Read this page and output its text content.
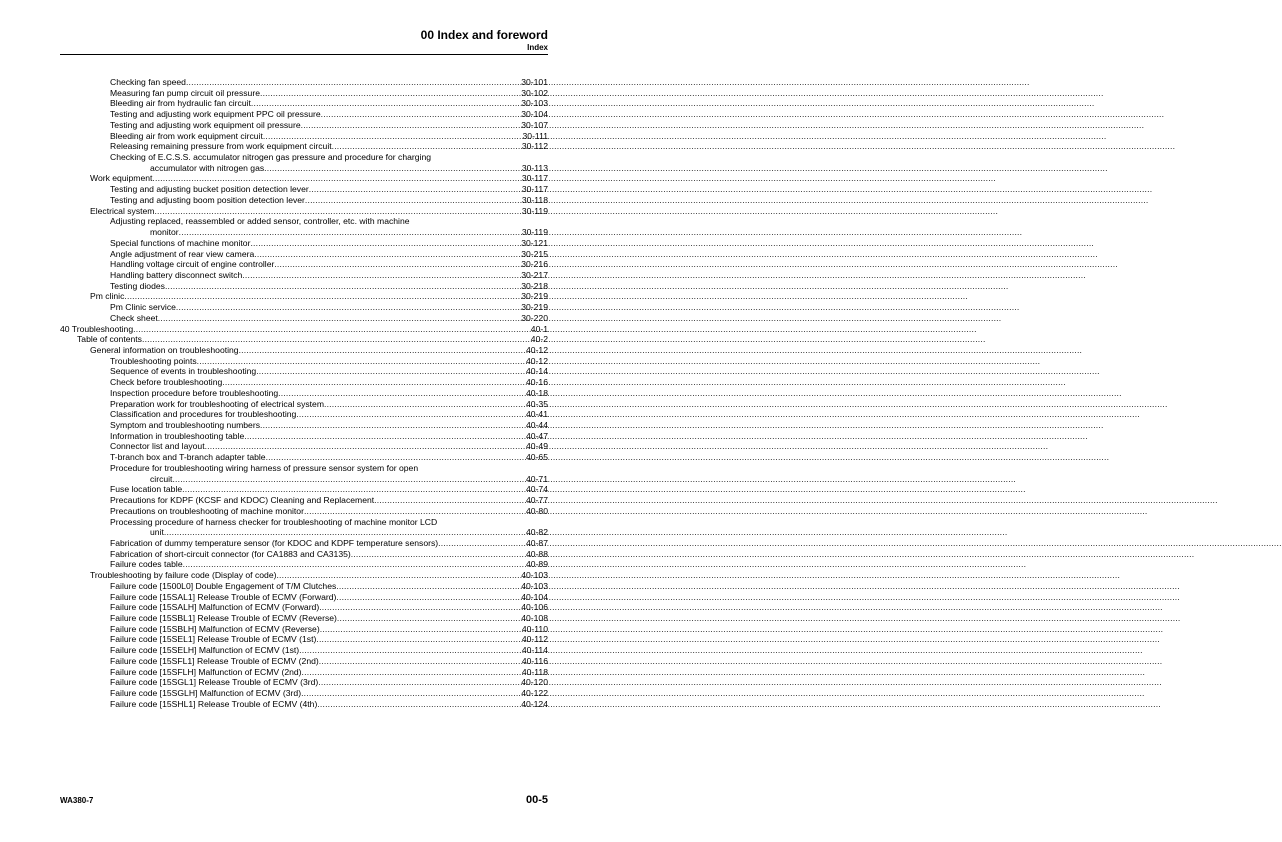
00 Index and foreword
Index
Checking fan speed .....	30-101
Measuring fan pump circuit oil pressure .....	30-102
Bleeding air from hydraulic fan circuit .....	30-103
Testing and adjusting work equipment PPC oil pressure .....	30-104
Testing and adjusting work equipment oil pressure .....	30-107
Bleeding air from work equipment circuit .....	30-111
Releasing remaining pressure from work equipment circuit .....	30-112
Checking of E.C.S.S. accumulator nitrogen gas pressure and procedure for charging
accumulator with nitrogen gas .....	30-113
Work equipment .....	30-117
Testing and adjusting bucket position detection lever .....	30-117
Testing and adjusting boom position detection lever .....	30-118
Electrical system .....	30-119
Adjusting replaced, reassembled or added sensor, controller, etc. with machine
monitor .....	30-119
Special functions of machine monitor .....	30-121
Angle adjustment of rear view camera .....	30-215
Handling voltage circuit of engine controller .....	30-216
Handling battery disconnect switch .....	30-217
Testing diodes .....	30-218
Pm clinic .....	30-219
Pm Clinic service .....	30-219
Check sheet .....	30-220
40 Troubleshooting .....	40-1
Table of contents .....	40-2
General information on troubleshooting .....	40-12
Troubleshooting points .....	40-12
Sequence of events in troubleshooting .....	40-14
Check before troubleshooting .....	40-16
Inspection procedure before troubleshooting .....	40-18
Preparation work for troubleshooting of electrical system .....	40-35
Classification and procedures for troubleshooting .....	40-41
Symptom and troubleshooting numbers .....	40-44
Information in troubleshooting table .....	40-47
Connector list and layout .....	40-49
T-branch box and T-branch adapter table .....	40-65
Procedure for troubleshooting wiring harness of pressure sensor system for open
circuit .....	40-71
Fuse location table .....	40-74
Precautions for KDPF (KCSF and KDOC) Cleaning and Replacement .....	40-77
Precautions on troubleshooting of machine monitor .....	40-80
Processing procedure of harness checker for troubleshooting of machine monitor LCD
unit .....	40-82
Fabrication of dummy temperature sensor (for KDOC and KDPF temperature sensors) .....	40-87
Fabrication of short-circuit connector (for CA1883 and CA3135) .....	40-88
Failure codes table .....	40-89
Troubleshooting by failure code (Display of code) .....	40-103
Failure code [1500L0] Double Engagement of T/M Clutches .....	40-103
Failure code [15SAL1] Release Trouble of ECMV (Forward) .....	40-104
Failure code [15SALH] Malfunction of ECMV (Forward) .....	40-106
Failure code [15SBL1] Release Trouble of ECMV (Reverse) .....	40-108
Failure code [15SBLH] Malfunction of ECMV (Reverse) .....	40-110
Failure code [15SEL1] Release Trouble of ECMV (1st) .....	40-112
Failure code [15SELH] Malfunction of ECMV (1st) .....	40-114
Failure code [15SFL1] Release Trouble of ECMV (2nd) .....	40-116
Failure code [15SFLH] Malfunction of ECMV (2nd) .....	40-118
Failure code [15SGL1] Release Trouble of ECMV (3rd) .....	40-120
Failure code [15SGLH] Malfunction of ECMV (3rd) .....	40-122
Failure code [15SHL1] Release Trouble of ECMV (4th) .....	40-124
WA380-7	00-5
